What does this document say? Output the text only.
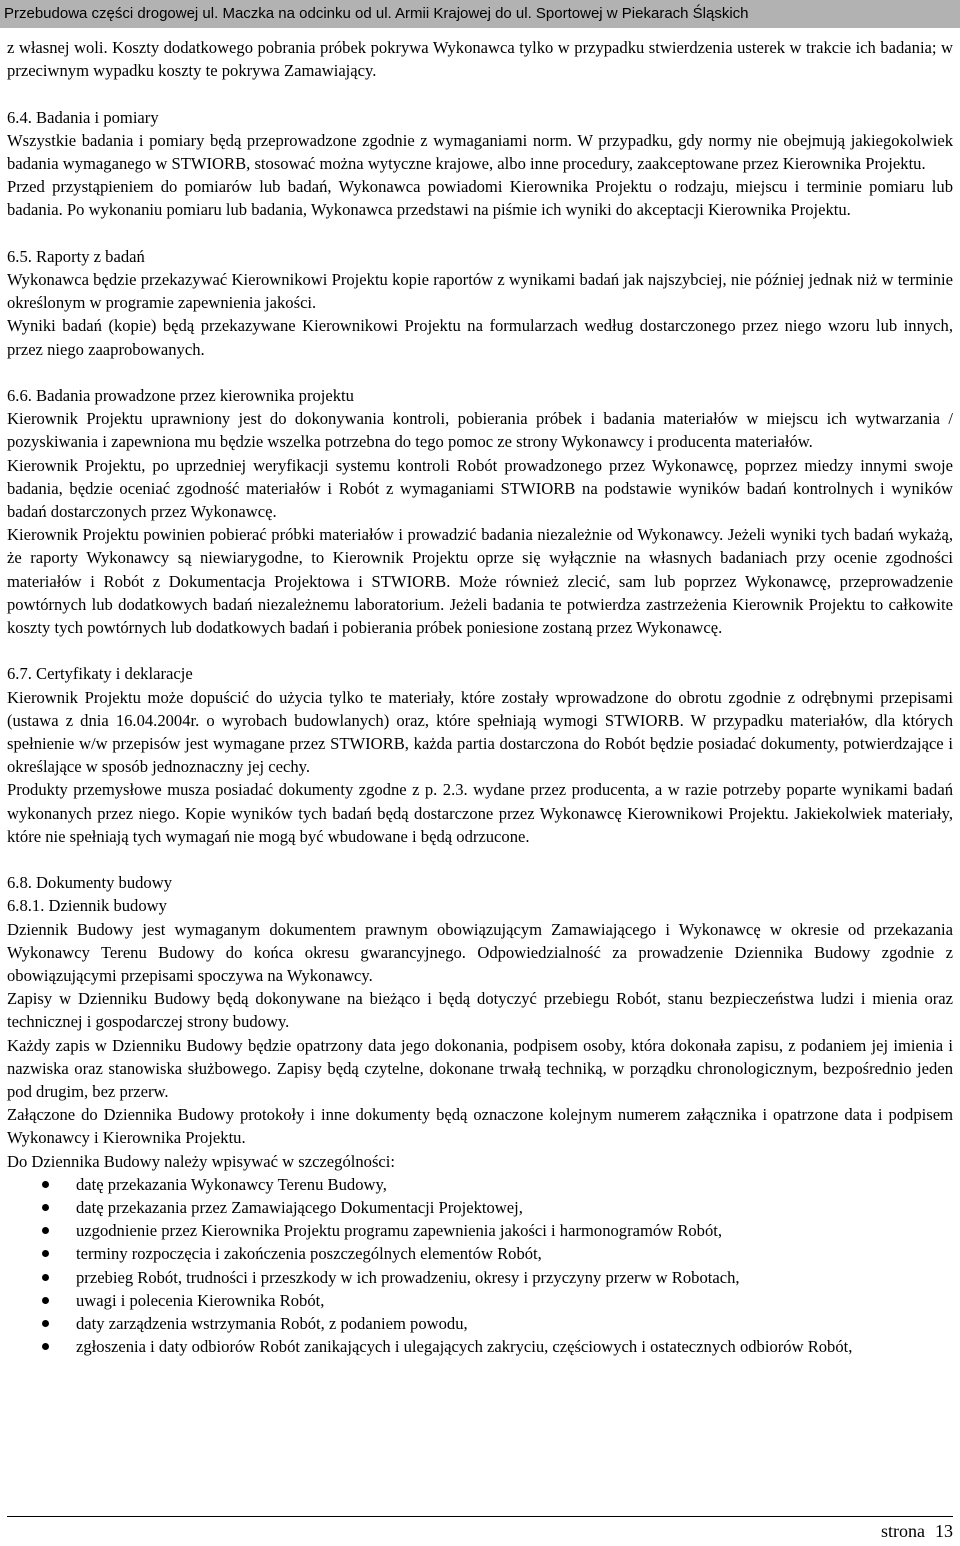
Przebudowa części drogowej ul. Maczka na odcinku od ul. Armii Krajowej do ul. Sportowej w Piekarach Śląskich

z własnej woli. Koszty dodatkowego pobrania próbek pokrywa Wykonawca tylko w przypadku stwierdzenia usterek w trakcie ich badania; w przeciwnym wypadku koszty te pokrywa Zamawiający.

6.4. Badania i pomiary

Wszystkie badania i pomiary będą przeprowadzone zgodnie z wymaganiami norm. W przypadku, gdy normy nie obejmują jakiegokolwiek badania wymaganego w STWIORB, stosować można wytyczne krajowe, albo inne procedury, zaakceptowane przez Kierownika Projektu.

Przed przystąpieniem do pomiarów lub badań, Wykonawca powiadomi Kierownika Projektu o rodzaju, miejscu i terminie pomiaru lub badania. Po wykonaniu pomiaru lub badania, Wykonawca przedstawi na piśmie ich wyniki do akceptacji Kierownika Projektu.

6.5. Raporty z badań

Wykonawca będzie przekazywać Kierownikowi Projektu kopie raportów z wynikami badań jak najszybciej, nie później jednak niż w terminie określonym w programie zapewnienia jakości.

Wyniki badań (kopie) będą przekazywane Kierownikowi Projektu na formularzach według dostarczonego przez niego wzoru lub innych, przez niego zaaprobowanych.

6.6. Badania prowadzone przez kierownika projektu

Kierownik Projektu uprawniony jest do dokonywania kontroli, pobierania próbek i badania materiałów w miejscu ich wytwarzania / pozyskiwania i zapewniona mu będzie wszelka potrzebna do tego pomoc ze strony Wykonawcy i producenta materiałów.

Kierownik Projektu, po uprzedniej weryfikacji systemu kontroli Robót prowadzonego przez Wykonawcę, poprzez miedzy innymi swoje badania, będzie oceniać zgodność materiałów i Robót z wymaganiami STWIORB na podstawie wyników badań kontrolnych i wyników badań dostarczonych przez Wykonawcę.

Kierownik Projektu powinien pobierać próbki materiałów i prowadzić badania niezależnie od Wykonawcy. Jeżeli wyniki tych badań wykażą, że raporty Wykonawcy są niewiarygodne, to Kierownik Projektu oprze się wyłącznie na własnych badaniach przy ocenie zgodności materiałów i Robót z Dokumentacja Projektowa i STWIORB. Może również zlecić, sam lub poprzez Wykonawcę, przeprowadzenie powtórnych lub dodatkowych badań niezależnemu laboratorium. Jeżeli badania te potwierdza zastrzeżenia Kierownik Projektu to całkowite koszty tych powtórnych lub dodatkowych badań i pobierania próbek poniesione zostaną przez Wykonawcę.

6.7. Certyfikaty i deklaracje

Kierownik Projektu może dopuścić do użycia tylko te materiały, które zostały wprowadzone do obrotu zgodnie z odrębnymi przepisami (ustawa z dnia 16.04.2004r. o wyrobach budowlanych) oraz, które spełniają wymogi STWIORB. W przypadku materiałów, dla których spełnienie w/w przepisów jest wymagane przez STWIORB, każda partia dostarczona do Robót będzie posiadać dokumenty, potwierdzające i określające w sposób jednoznaczny jej cechy.

Produkty przemysłowe musza posiadać dokumenty zgodne z p. 2.3. wydane przez producenta, a w razie potrzeby poparte wynikami badań wykonanych przez niego. Kopie wyników tych badań będą dostarczone przez Wykonawcę Kierownikowi Projektu. Jakiekolwiek materiały, które nie spełniają tych wymagań nie mogą być wbudowane i będą odrzucone.

6.8. Dokumenty budowy

6.8.1. Dziennik budowy

Dziennik Budowy jest wymaganym dokumentem prawnym obowiązującym Zamawiającego i Wykonawcę w okresie od przekazania Wykonawcy Terenu Budowy do końca okresu gwarancyjnego. Odpowiedzialność za prowadzenie Dziennika Budowy zgodnie z obowiązującymi przepisami spoczywa na Wykonawcy.

Zapisy w Dzienniku Budowy będą dokonywane na bieżąco i będą dotyczyć przebiegu Robót, stanu bezpieczeństwa ludzi i mienia oraz technicznej i gospodarczej strony budowy.

Każdy zapis w Dzienniku Budowy będzie opatrzony data jego dokonania, podpisem osoby, która dokonała zapisu, z podaniem jej imienia i nazwiska oraz stanowiska służbowego. Zapisy będą czytelne, dokonane trwałą techniką, w porządku chronologicznym, bezpośrednio jeden pod drugim, bez przerw.

Załączone do Dziennika Budowy protokoły i inne dokumenty będą oznaczone kolejnym numerem załącznika i opatrzone data i podpisem Wykonawcy i Kierownika Projektu.

Do Dziennika Budowy należy wpisywać w szczególności:

datę przekazania Wykonawcy Terenu Budowy,
datę przekazania przez Zamawiającego Dokumentacji Projektowej,
uzgodnienie przez Kierownika Projektu programu zapewnienia jakości i harmonogramów Robót,
terminy rozpoczęcia i zakończenia poszczególnych elementów Robót,
przebieg Robót, trudności i przeszkody w ich prowadzeniu, okresy i przyczyny przerw w Robotach,
uwagi i polecenia Kierownika Robót,
daty zarządzenia wstrzymania Robót, z podaniem powodu,
zgłoszenia i daty odbiorów Robót zanikających i ulegających zakryciu, częściowych i ostatecznych odbiorów Robót,
strona 13
